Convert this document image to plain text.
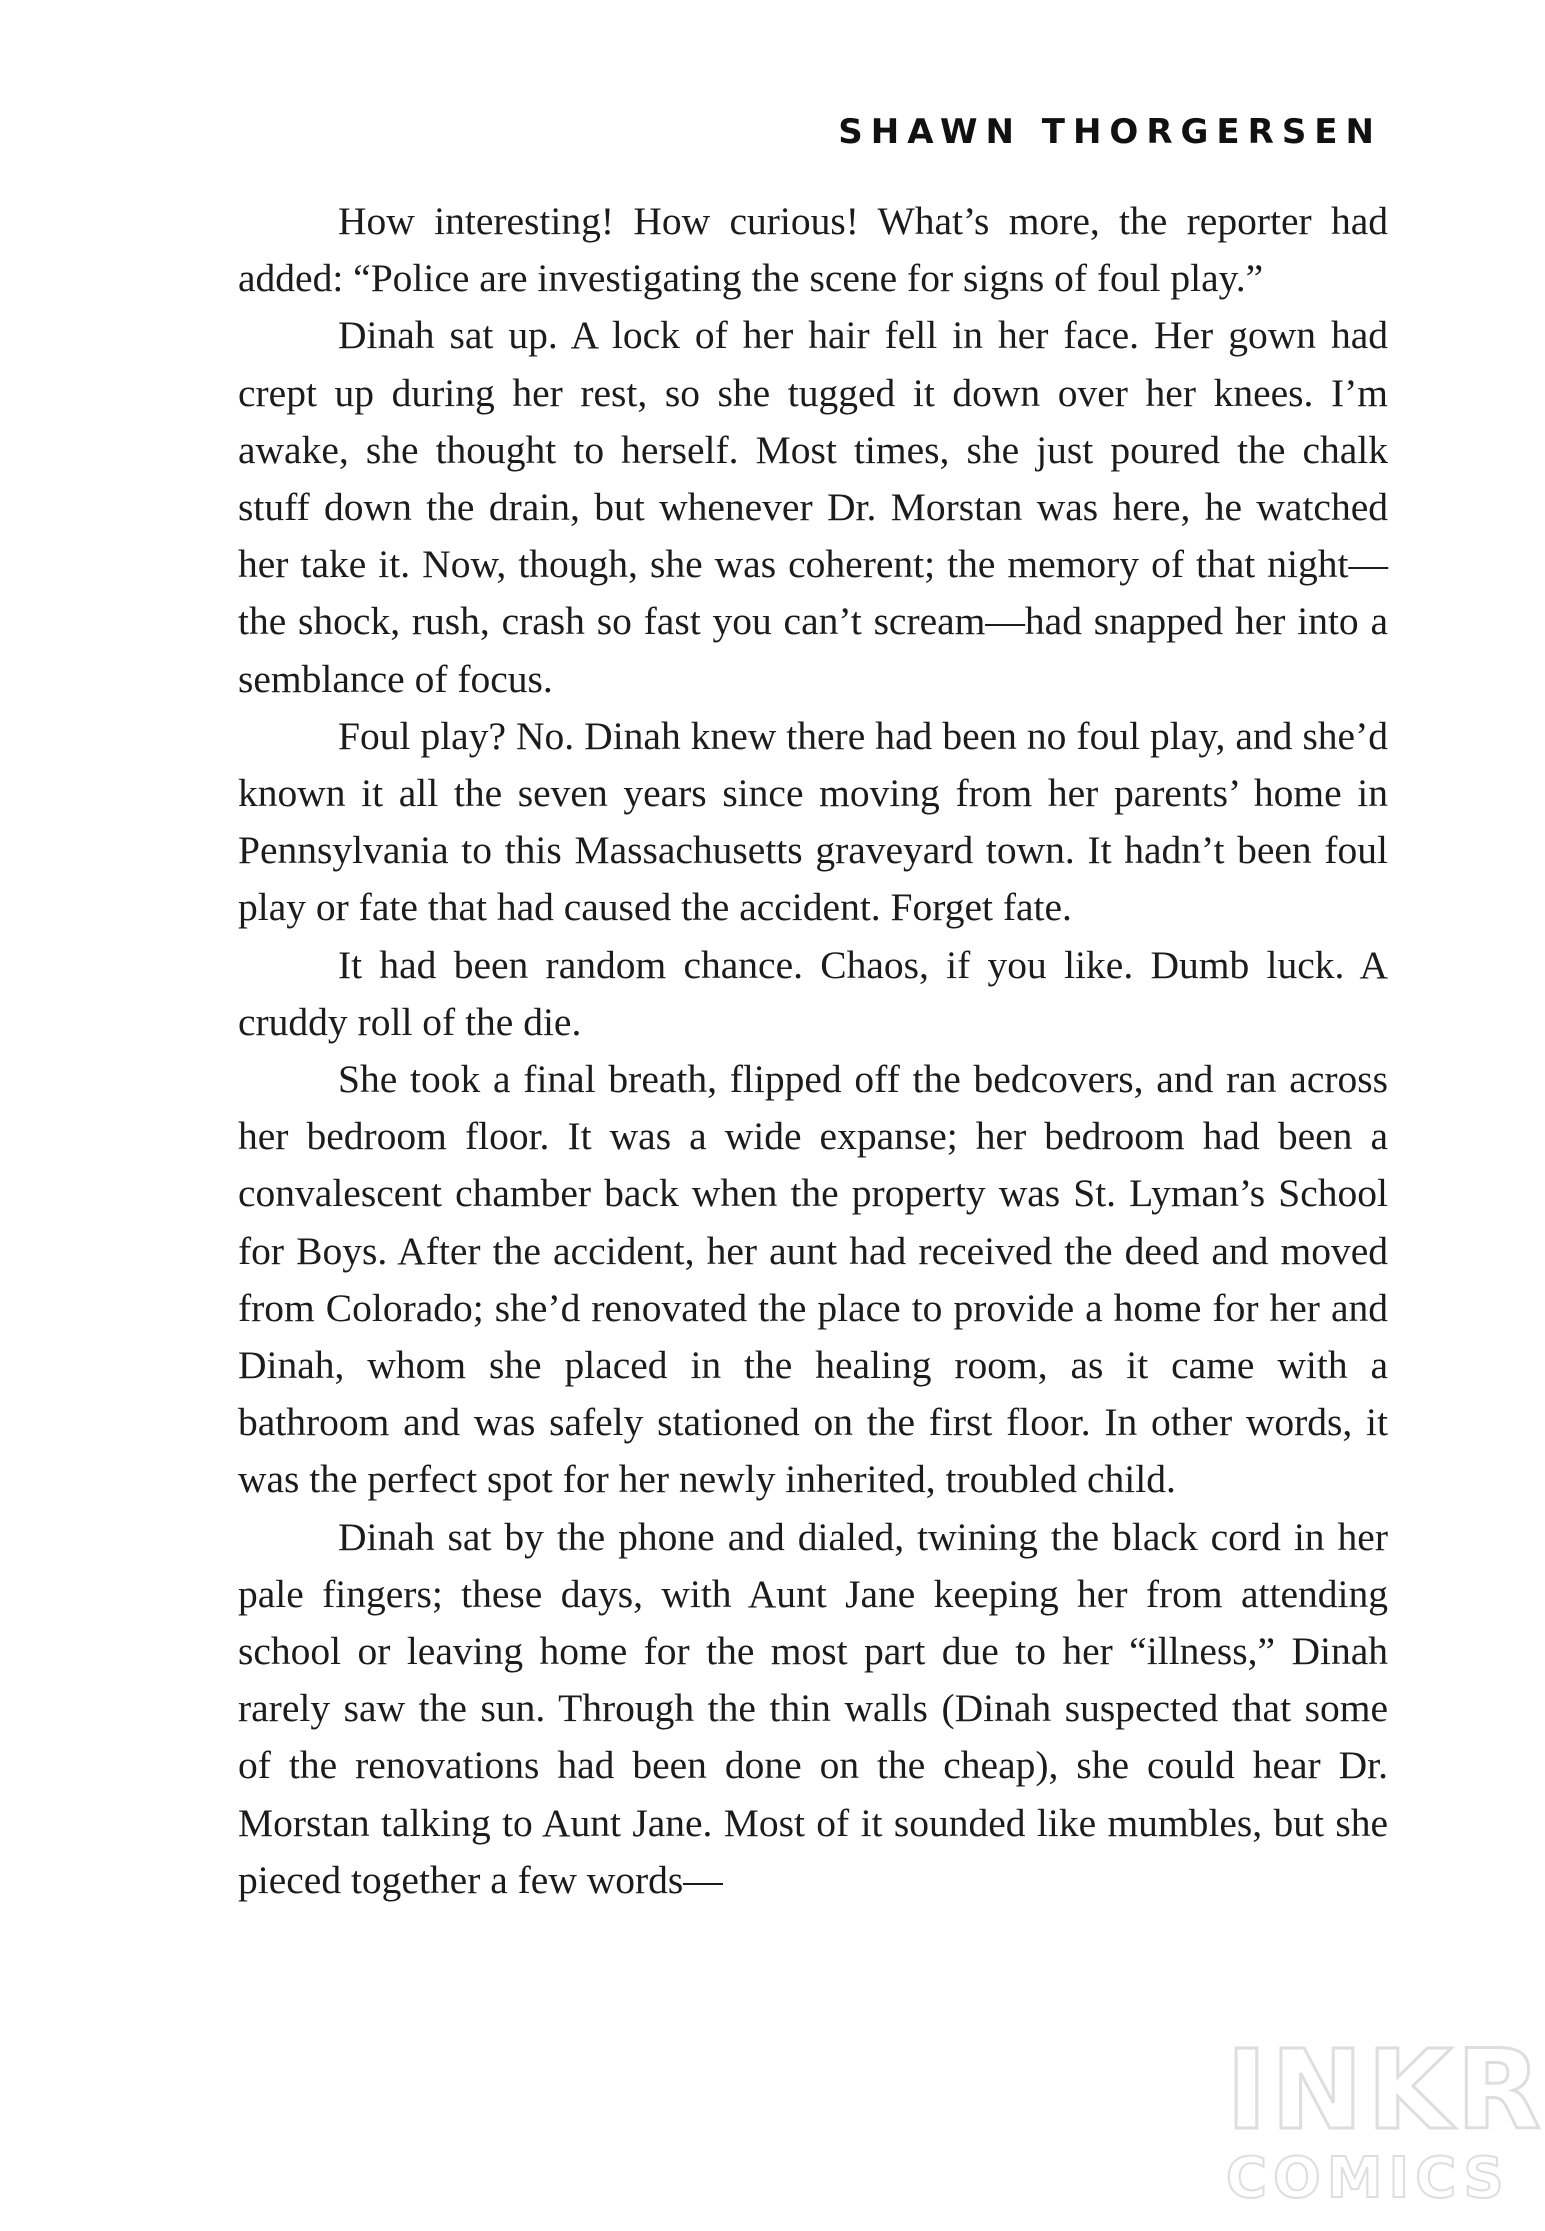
SHAWN THORGERSEN

How interesting! How curious! What’s more, the reporter had added: “Police are investigating the scene for signs of foul play.”

Dinah sat up. A lock of her hair fell in her face. Her gown had crept up during her rest, so she tugged it down over her knees. I’m awake, she thought to herself. Most times, she just poured the chalk stuff down the drain, but whenever Dr. Morstan was here, he watched her take it. Now, though, she was coherent; the memory of that night—the shock, rush, crash so fast you can’t scream—had snapped her into a semblance of focus.

Foul play? No. Dinah knew there had been no foul play, and she’d known it all the seven years since moving from her parents’ home in Pennsylvania to this Massachusetts graveyard town. It hadn’t been foul play or fate that had caused the accident. Forget fate.

It had been random chance. Chaos, if you like. Dumb luck. A cruddy roll of the die.

She took a final breath, flipped off the bedcovers, and ran across her bedroom floor. It was a wide expanse; her bedroom had been a convalescent chamber back when the property was St. Lyman’s School for Boys. After the accident, her aunt had received the deed and moved from Colorado; she’d renovated the place to provide a home for her and Dinah, whom she placed in the healing room, as it came with a bathroom and was safely stationed on the first floor. In other words, it was the perfect spot for her newly inherited, troubled child.

Dinah sat by the phone and dialed, twining the black cord in her pale fingers; these days, with Aunt Jane keeping her from attending school or leaving home for the most part due to her “illness,” Dinah rarely saw the sun. Through the thin walls (Dinah suspected that some of the renovations had been done on the cheap), she could hear Dr. Morstan talking to Aunt Jane. Most of it sounded like mumbles, but she pieced together a few words—

INKR
COMICS
